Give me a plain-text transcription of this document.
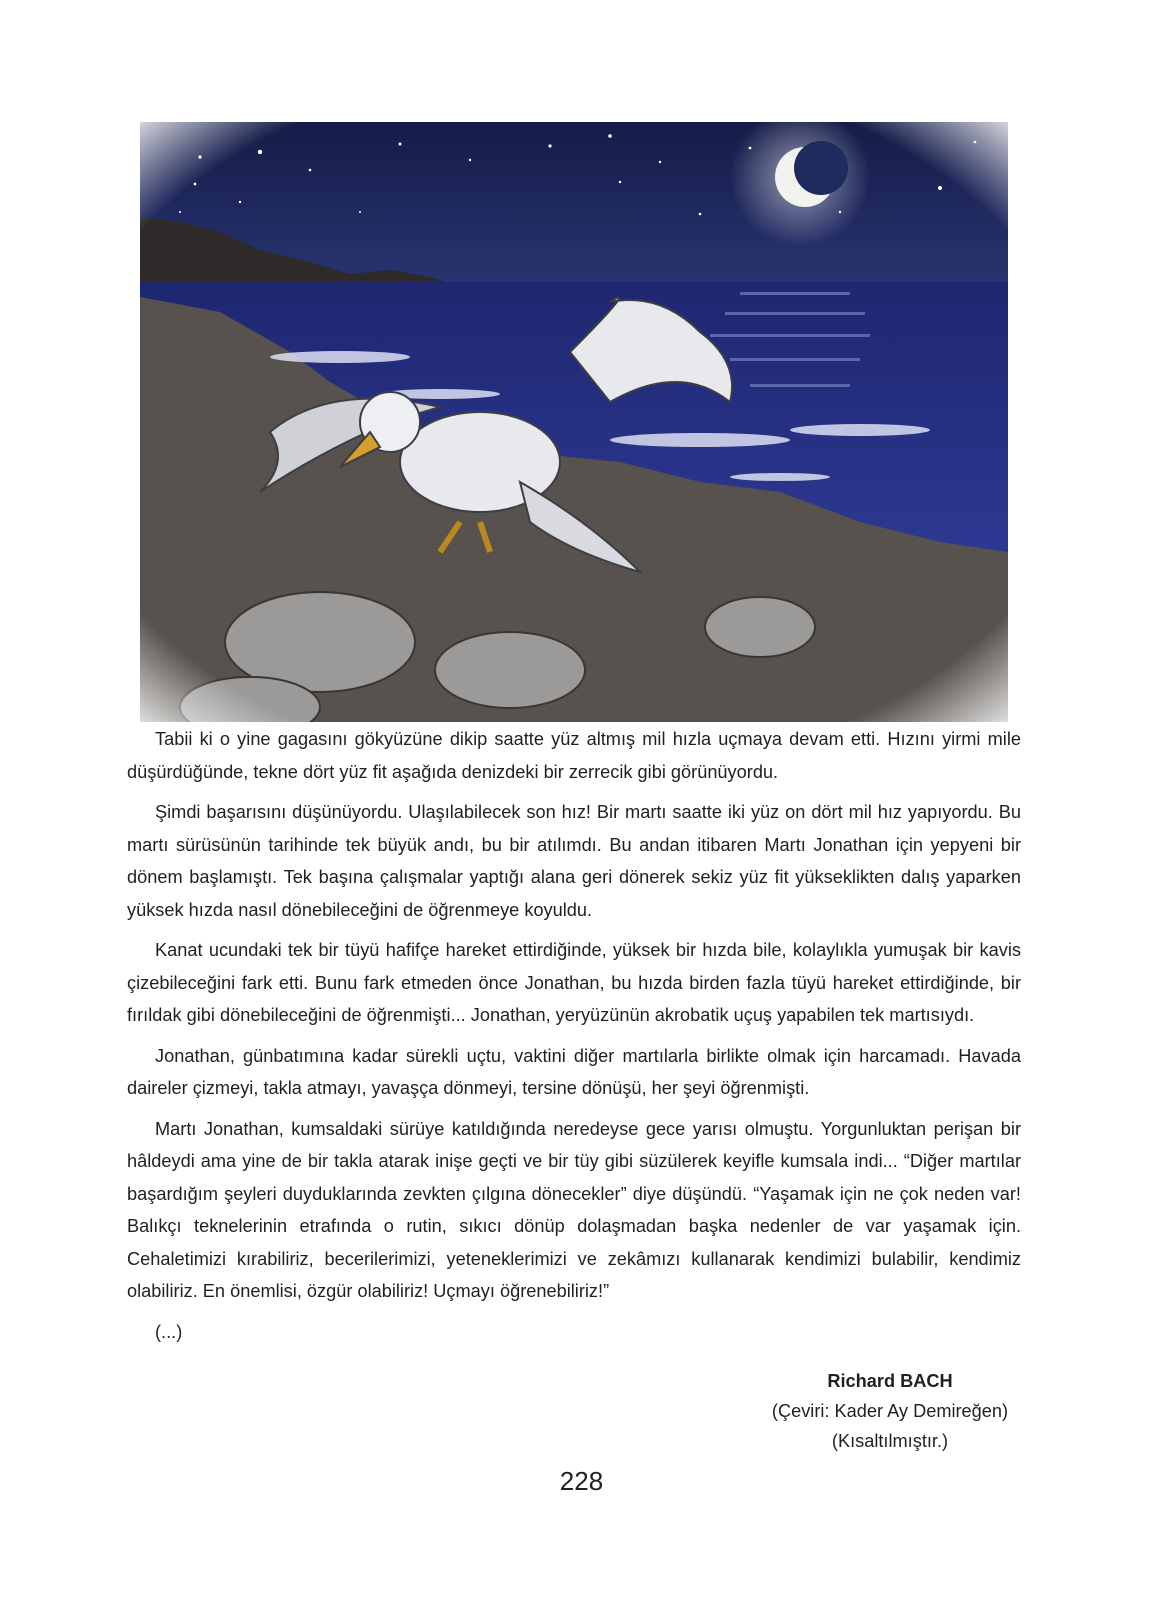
Tabii ki o yine gagasını gökyüzüne dikip saatte yüz altmış mil hızla uçmaya devam etti. Hızını yirmi mile düşürdüğünde, tekne dört yüz fit aşağıda denizdeki bir zerrecik gibi görünüyordu.

Şimdi başarısını düşünüyordu. Ulaşılabilecek son hız! Bir martı saatte iki yüz on dört mil hız yapıyordu. Bu martı sürüsünün tarihinde tek büyük andı, bu bir atılımdı. Bu andan itibaren Martı Jonathan için yepyeni bir dönem başlamıştı. Tek başına çalışmalar yaptığı alana geri dönerek sekiz yüz fit yükseklikten dalış yaparken yüksek hızda nasıl dönebileceğini de öğrenmeye koyuldu.

Kanat ucundaki tek bir tüyü hafifçe hareket ettirdiğinde, yüksek bir hızda bile, kolaylıkla yumuşak bir kavis çizebileceğini fark etti. Bunu fark etmeden önce Jonathan, bu hızda birden fazla tüyü hareket ettirdiğinde, bir fırıldak gibi dönebileceğini de öğrenmişti... Jonathan, yeryüzünün akrobatik uçuş yapabilen tek martısıydı.

Jonathan, günbatımına kadar sürekli uçtu, vaktini diğer martılarla birlikte olmak için harcamadı. Havada daireler çizmeyi, takla atmayı, yavaşça dönmeyi, tersine dönüşü, her şeyi öğrenmişti.

Martı Jonathan, kumsaldaki sürüye katıldığında neredeyse gece yarısı olmuştu. Yorgunluktan perişan bir hâldeydi ama yine de bir takla atarak inişe geçti ve bir tüy gibi süzülerek keyifle kumsala indi... “Diğer martılar başardığım şeyleri duyduklarında zevkten çılgına dönecekler” diye düşündü. “Yaşamak için ne çok neden var! Balıkçı teknelerinin etrafında o rutin, sıkıcı dönüp dolaşmadan başka nedenler de var yaşamak için. Cehaletimizi kırabiliriz, becerilerimizi, yeteneklerimizi ve zekâmızı kullanarak kendimizi bulabilir, kendimiz olabiliriz. En önemlisi, özgür olabiliriz! Uçmayı öğrenebiliriz!”

(...)

Richard BACH
(Çeviri: Kader Ay Demireğen)
(Kısaltılmıştır.)
228
